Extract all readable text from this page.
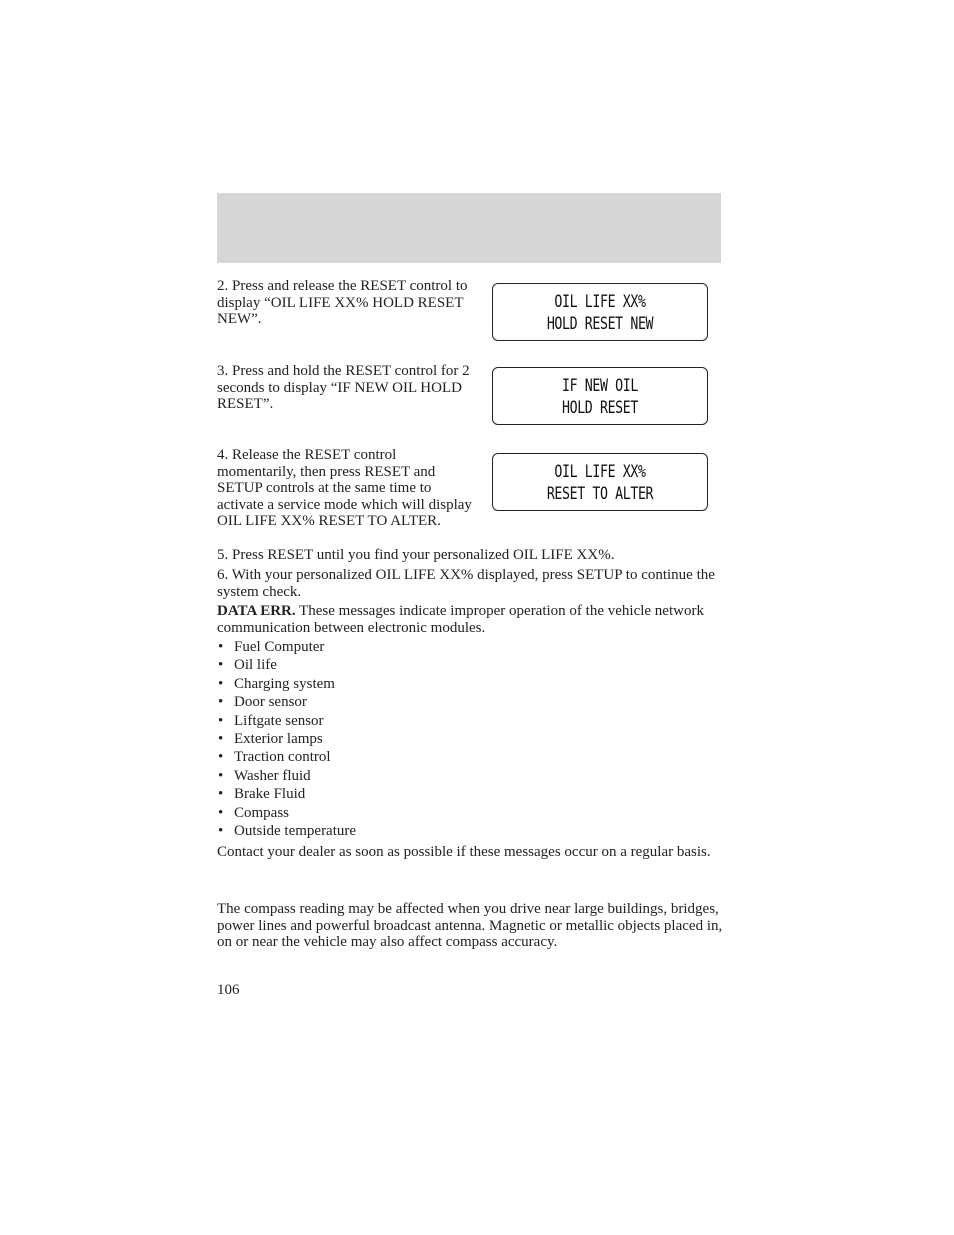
2. Press and release the RESET control to display “OIL LIFE XX% HOLD RESET NEW”.

OIL LIFE XX%
HOLD RESET NEW

3. Press and hold the RESET control for 2 seconds to display “IF NEW OIL HOLD RESET”.

IF NEW OIL
HOLD RESET

4. Release the RESET control momentarily, then press RESET and SETUP controls at the same time to activate a service mode which will display OIL LIFE XX% RESET TO ALTER.

OIL LIFE XX%
RESET TO ALTER

5. Press RESET until you find your personalized OIL LIFE XX%.

6. With your personalized OIL LIFE XX% displayed, press SETUP to continue the system check.

DATA ERR. These messages indicate improper operation of the vehicle network communication between electronic modules.

• Fuel Computer
• Oil life
• Charging system
• Door sensor
• Liftgate sensor
• Exterior lamps
• Traction control
• Washer fluid
• Brake Fluid
• Compass
• Outside temperature

Contact your dealer as soon as possible if these messages occur on a regular basis.

The compass reading may be affected when you drive near large buildings, bridges, power lines and powerful broadcast antenna. Magnetic or metallic objects placed in, on or near the vehicle may also affect compass accuracy.

106
